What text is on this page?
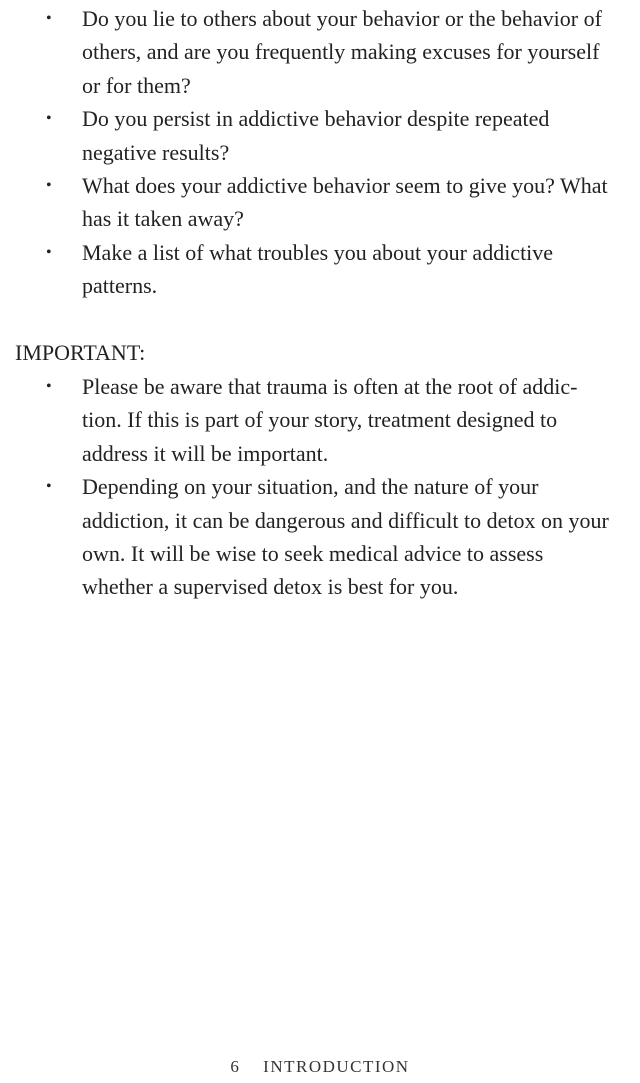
• Do you lie to others about your behavior or the behavior of others, and are you frequently making excuses for yourself or for them?
• Do you persist in addictive behavior despite repeated negative results?
• What does your addictive behavior seem to give you? What has it taken away?
• Make a list of what troubles you about your addictive patterns.
IMPORTANT:
• Please be aware that trauma is often at the root of addic-tion. If this is part of your story, treatment designed to address it will be important.
• Depending on your situation, and the nature of your addiction, it can be dangerous and difficult to detox on your own. It will be wise to seek medical advice to assess whether a supervised detox is best for you.
6 INTRODUCTION
